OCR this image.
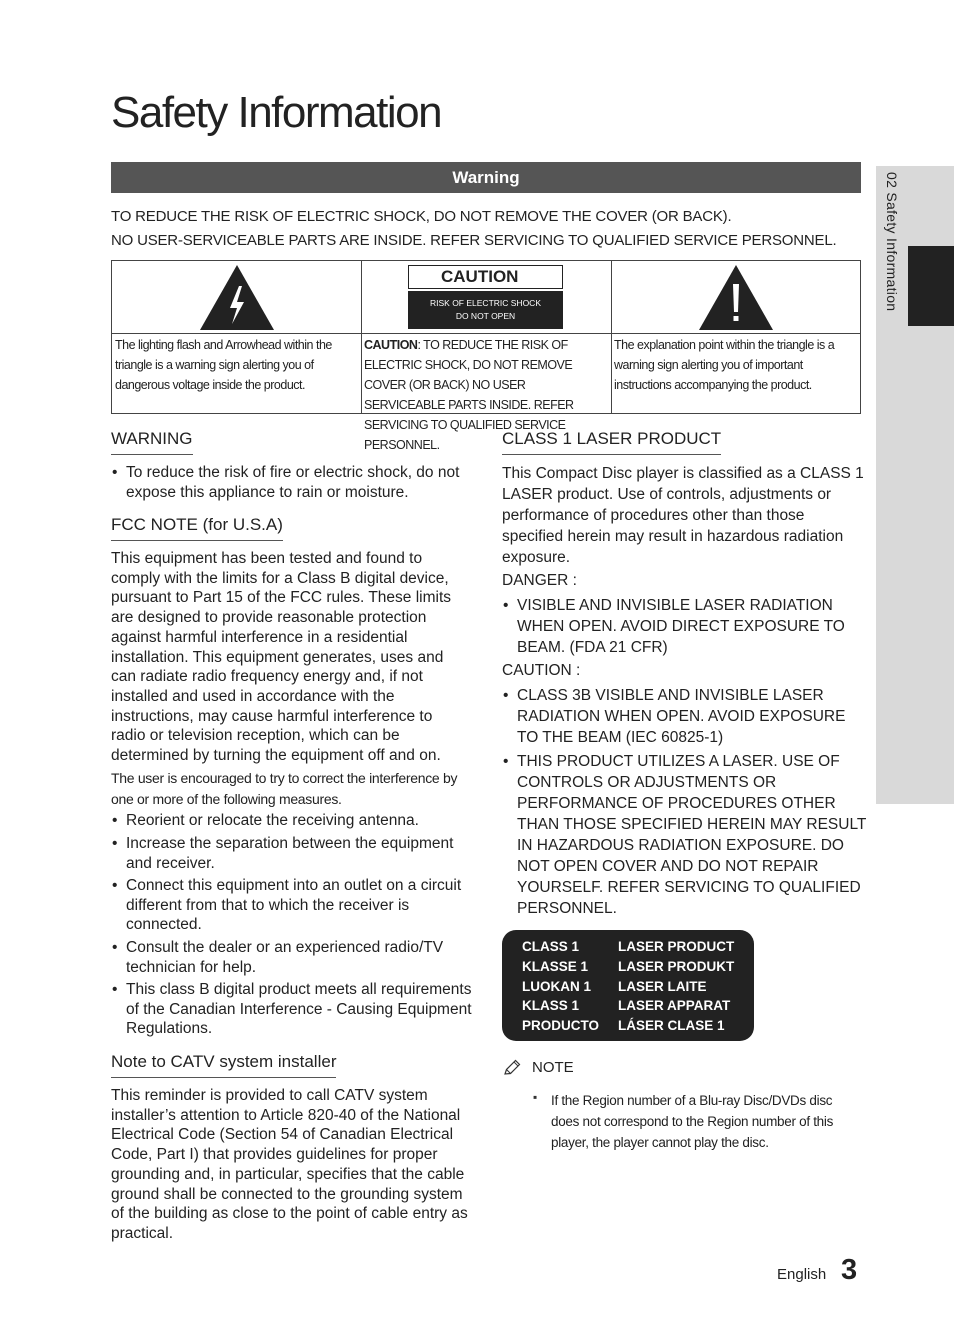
Safety Information
Warning
TO REDUCE THE RISK OF ELECTRIC SHOCK, DO NOT REMOVE THE COVER (OR BACK).
NO USER-SERVICEABLE PARTS ARE INSIDE. REFER SERVICING TO QUALIFIED SERVICE PERSONNEL.
The lighting flash and Arrowhead within the triangle is a warning sign alerting you of dangerous voltage inside the product.
CAUTION
RISK OF ELECTRIC SHOCK
DO NOT OPEN
CAUTION: TO REDUCE THE RISK OF ELECTRIC SHOCK, DO NOT REMOVE COVER (OR BACK) NO USER SERVICEABLE PARTS INSIDE. REFER SERVICING TO QUALIFIED SERVICE PERSONNEL.
The explanation point within the triangle is a warning sign alerting you of important instructions accompanying the product.
WARNING
• To reduce the risk of fire or electric shock, do not expose this appliance to rain or moisture.
FCC NOTE (for U.S.A)
This equipment has been tested and found to comply with the limits for a Class B digital device, pursuant to Part 15 of the FCC rules. These limits are designed to provide reasonable protection against harmful interference in a residential installation. This equipment generates, uses and can radiate radio frequency energy and, if not installed and used in accordance with the instructions, may cause harmful interference to radio or television reception, which can be determined by turning the equipment off and on.
The user is encouraged to try to correct the interference by one or more of the following measures.
• Reorient or relocate the receiving antenna.
• Increase the separation between the equipment and receiver.
• Connect this equipment into an outlet on a circuit different from that to which the receiver is connected.
• Consult the dealer or an experienced radio/TV technician for help.
• This class B digital product meets all requirements of the Canadian Interference - Causing Equipment Regulations.
Note to CATV system installer
This reminder is provided to call CATV system installer’s attention to Article 820-40 of the National Electrical Code (Section 54 of Canadian Electrical Code, Part I) that provides guidelines for proper grounding and, in particular, specifies that the cable ground shall be connected to the grounding system of the building as close to the point of cable entry as practical.
CLASS 1 LASER PRODUCT
This Compact Disc player is classified as a CLASS 1 LASER product. Use of controls, adjustments or performance of procedures other than those specified herein may result in hazardous radiation exposure.
DANGER :
• VISIBLE AND INVISIBLE LASER RADIATION WHEN OPEN. AVOID DIRECT EXPOSURE TO BEAM. (FDA 21 CFR)
CAUTION :
• CLASS 3B VISIBLE AND INVISIBLE LASER RADIATION WHEN OPEN. AVOID EXPOSURE TO THE BEAM (IEC 60825-1)
• THIS PRODUCT UTILIZES A LASER. USE OF CONTROLS OR ADJUSTMENTS OR PERFORMANCE OF PROCEDURES OTHER THAN THOSE SPECIFIED HEREIN MAY RESULT IN HAZARDOUS RADIATION EXPOSURE. DO NOT OPEN COVER AND DO NOT REPAIR YOURSELF. REFER SERVICING TO QUALIFIED PERSONNEL.
CLASS 1	LASER PRODUCT
KLASSE 1 LASER PRODUKT
LUOKAN 1 LASER LAITE
KLASS 1	LASER APPARAT
PRODUCTO LÁSER CLASE 1
NOTE
▪ If the Region number of a Blu-ray Disc/DVDs disc does not correspond to the Region number of this player, the player cannot play the disc.
02 Safety Information
English 3
